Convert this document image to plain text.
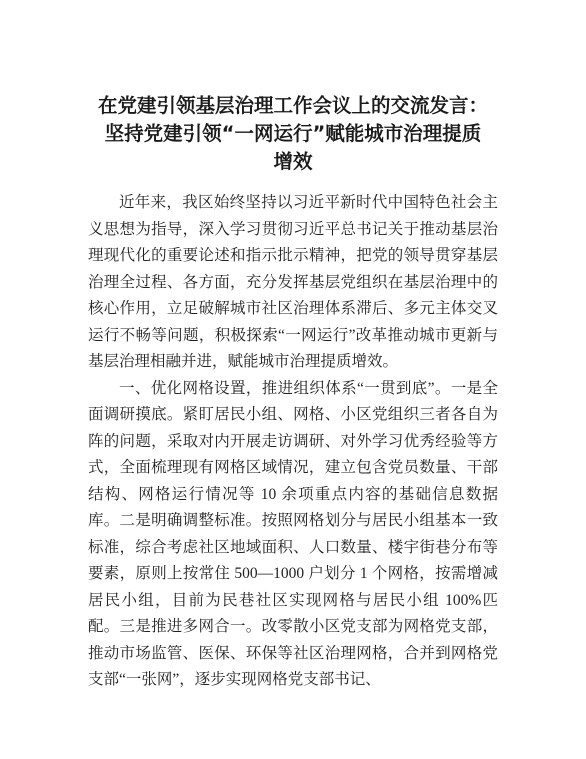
在党建引领基层治理工作会议上的交流发言：
坚持党建引领“一网运行”赋能城市治理提质
增效

近年来，我区始终坚持以习近平新时代中国特色社会主义思想为指导，深入学习贯彻习近平总书记关于推动基层治理现代化的重要论述和指示批示精神，把党的领导贯穿基层治理全过程、各方面，充分发挥基层党组织在基层治理中的核心作用，立足破解城市社区治理体系滞后、多元主体交叉运行不畅等问题，积极探索“一网运行”改革推动城市更新与基层治理相融并进，赋能城市治理提质增效。

一、优化网格设置，推进组织体系“一贯到底”。一是全面调研摸底。紧盯居民小组、网格、小区党组织三者各自为阵的问题，采取对内开展走访调研、对外学习优秀经验等方式，全面梳理现有网格区域情况，建立包含党员数量、干部结构、网格运行情况等 10 余项重点内容的基础信息数据库。二是明确调整标准。按照网格划分与居民小组基本一致标准，综合考虑社区地域面积、人口数量、楼宇街巷分布等要素，原则上按常住 500—1000 户划分 1 个网格，按需增减居民小组，目前为民巷社区实现网格与居民小组 100%匹配。三是推进多网合一。改零散小区党支部为网格党支部，推动市场监管、医保、环保等社区治理网格，合并到网格党支部“一张网”，逐步实现网格党支部书记、
